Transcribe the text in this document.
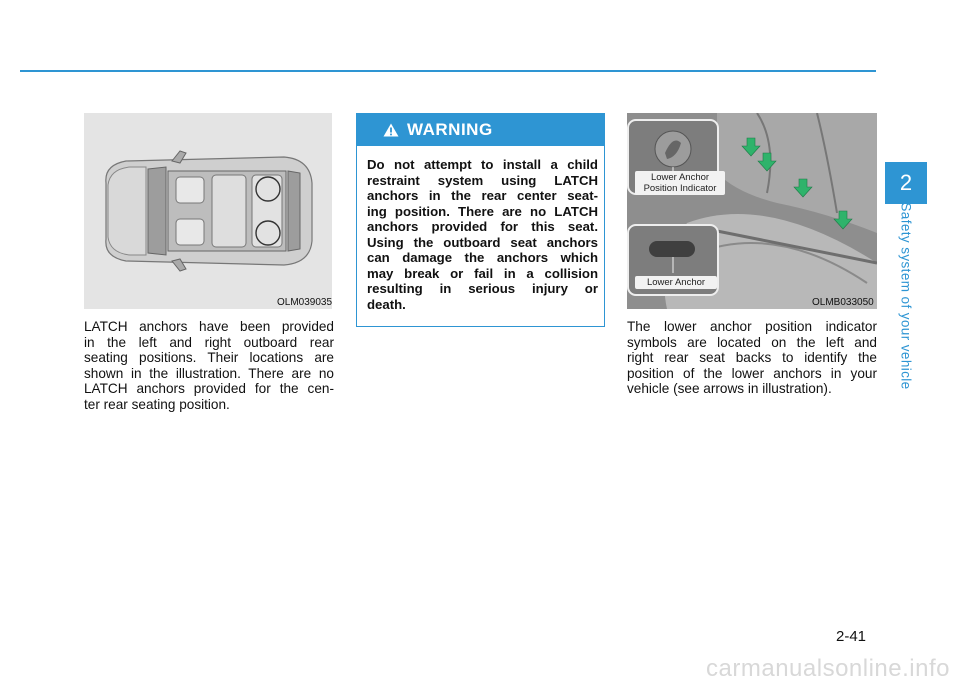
OLM039035
LATCH anchors have been provided
in the left and right outboard rear
seating positions. Their locations are
shown in the illustration. There are no
LATCH anchors provided for the cen-
ter rear seating position.
WARNING
Do not attempt to install a child
restraint system using LATCH
anchors in the rear center seat-
ing position. There are no LATCH
anchors provided for this seat.
Using the outboard seat anchors
can damage the anchors which
may break or fail in a collision
resulting in serious injury or
death.
Lower Anchor
Position Indicator
Lower Anchor
OLMB033050
The lower anchor position indicator
symbols are located on the left and
right rear seat backs to identify the
position of the lower anchors in your
vehicle (see arrows in illustration).
2
Safety system of your vehicle
2-41
carmanualsonline.info
